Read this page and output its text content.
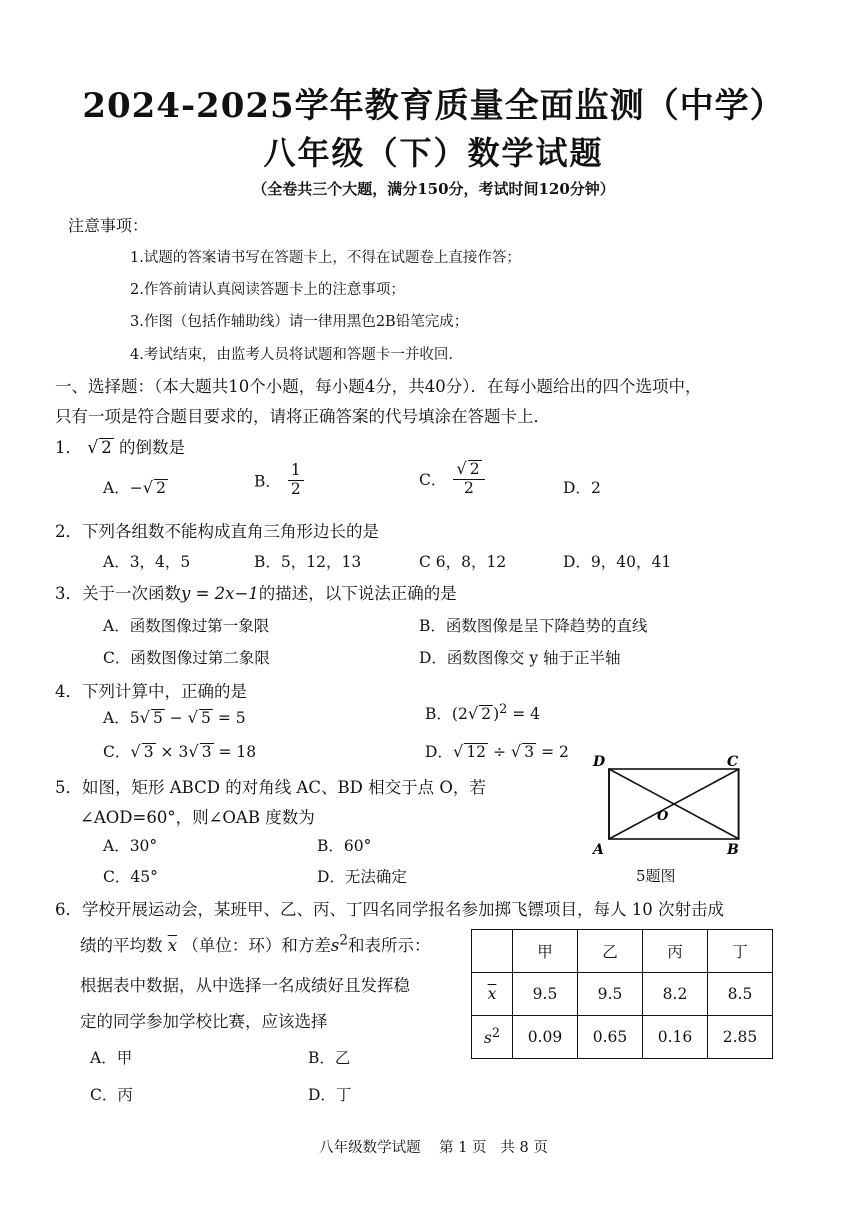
2024-2025学年教育质量全面监测（中学）
八年级（下）数学试题
（全卷共三个大题，满分150分，考试时间120分钟）
注意事项：
1.试题的答案请书写在答题卡上，不得在试题卷上直接作答；
2.作答前请认真阅读答题卡上的注意事项；
3.作图（包括作辅助线）请一律用黑色2B铅笔完成；
4.考试结束，由监考人员将试题和答题卡一并收回.
一、选择题：（本大题共10个小题，每小题4分，共40分）．在每小题给出的四个选项中，
只有一项是符合题目要求的，请将正确答案的代号填涂在答题卡上．
1． √ 2 的倒数是
A．−√ 2	B． $\frac{1}{2}$	C． $\frac{√ 2}{2}$	D．2
2．下列各组数不能构成直角三角形边长的是
A．3，4，5	B．5，12，13	C 6，8，12	D．9，40，41
3．关于一次函数y = 2x−1的描述，以下说法正确的是
A．函数图像过第一象限	B．函数图像是呈下降趋势的直线
C．函数图像过第二象限	D．函数图像交 y 轴于正半轴
4．下列计算中，正确的是
A．5√ 5 − √ 5 = 5	B．(2√ 2 )$^2$ = 4
C．√ 3 × 3√ 3 = 18	D．√ 12 ÷ √ 3 = 2
5．如图，矩形 ABCD 的对角线 AC、BD 相交于点 O，若
∠AOD=60°，则∠OAB 度数为
A．30°	B．60°
C．45°	D．无法确定
D	C
A	B
O
5题图
6．学校开展运动会，某班甲、乙、丙、丁四名同学报名参加掷飞镖项目，每人 10 次射击成
绩的平均数 $\overline{x}$ （单位：环）和方差$s^2$和表所示：
根据表中数据，从中选择一名成绩好且发挥稳
定的同学参加学校比赛，应该选择
A．甲	B．乙
C．丙	D．丁
	甲	乙	丙	丁
$\overline{x}$	9.5	9.5	8.2	8.5
$s^2$	0.09	0.65	0.16	2.85
八年级数学试题    第 1 页   共 8 页
